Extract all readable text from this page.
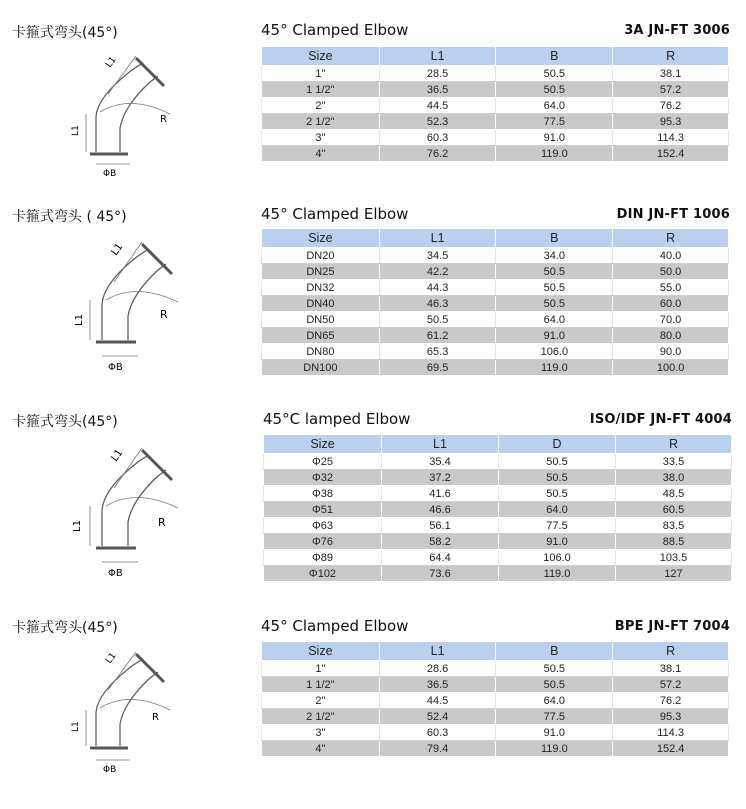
卡箍式弯头(45°)
L1
L1
ΦB
R
45° Clamped Elbow	3A JN-FT 3006
Size	L1	B	R
1"	28.5	50.5	38.1
1 1/2"	36.5	50.5	57.2
2"	44.5	64.0	76.2
2 1/2"	52.3	77.5	95.3
3"	60.3	91.0	114.3
4"	76.2	119.0	152.4
卡箍式弯头 ( 45°)
L1
L1
ΦB
R
45° Clamped Elbow	DIN JN-FT 1006
Size	L1	B	R
DN20	34.5	34.0	40.0
DN25	42.2	50.5	50.0
DN32	44.3	50.5	55.0
DN40	46.3	50.5	60.0
DN50	50.5	64.0	70.0
DN65	61.2	91.0	80.0
DN80	65.3	106.0	90.0
DN100	69.5	119.0	100.0
卡箍式弯头(45°)
L1
L1
ΦB
R
45°C lamped Elbow	ISO/IDF JN-FT 4004
Size	L1	D	R
Φ25	35.4	50.5	33.5
Φ32	37.2	50.5	38.0
Φ38	41.6	50.5	48.5
Φ51	46.6	64.0	60.5
Φ63	56.1	77.5	83.5
Φ76	58.2	91.0	88.5
Φ89	64.4	106.0	103.5
Φ102	73.6	119.0	127
卡箍式弯头(45°)
L1
L1
ΦB
R
45° Clamped Elbow	BPE JN-FT 7004
Size	L1	B	R
1"	28.6	50.5	38.1
1 1/2"	36.5	50.5	57.2
2"	44.5	64.0	76.2
2 1/2"	52.4	77.5	95.3
3"	60.3	91.0	114.3
4"	79.4	119.0	152.4
